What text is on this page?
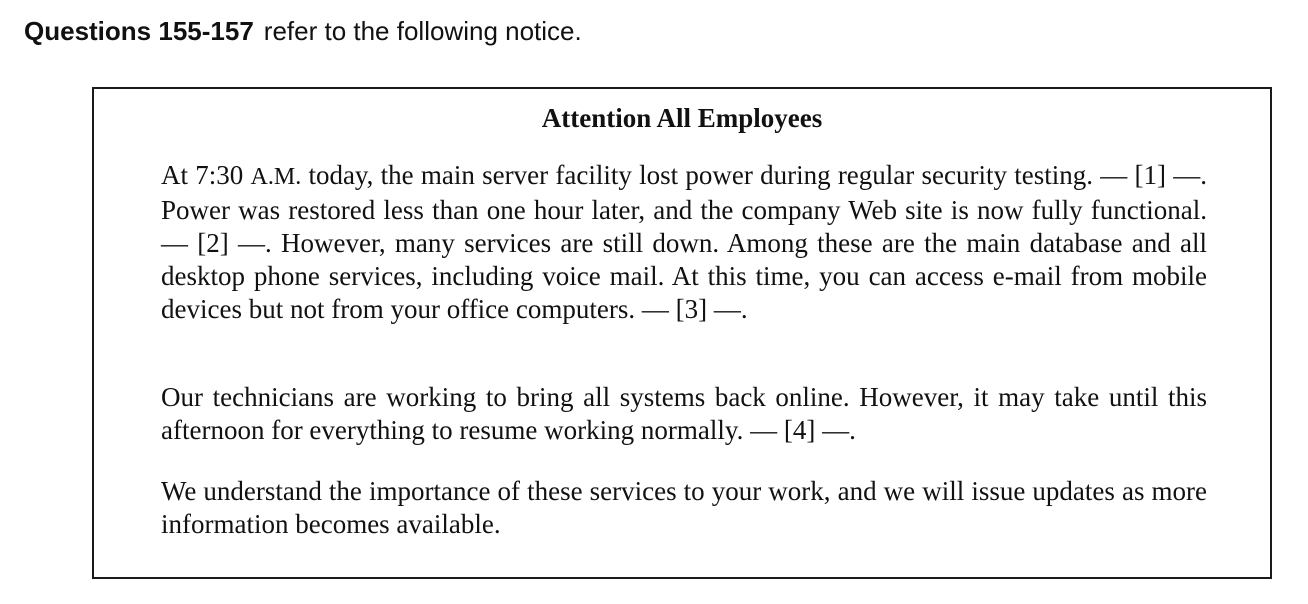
Questions 155-157 refer to the following notice.
Attention All Employees

At 7:30 A.M. today, the main server facility lost power during regular security testing. — [1] —. Power was restored less than one hour later, and the company Web site is now fully functional. — [2] —. However, many services are still down. Among these are the main database and all desktop phone services, including voice mail. At this time, you can access e-mail from mobile devices but not from your office computers. — [3] —.

Our technicians are working to bring all systems back online. However, it may take until this afternoon for everything to resume working normally. — [4] —.

We understand the importance of these services to your work, and we will issue updates as more information becomes available.
